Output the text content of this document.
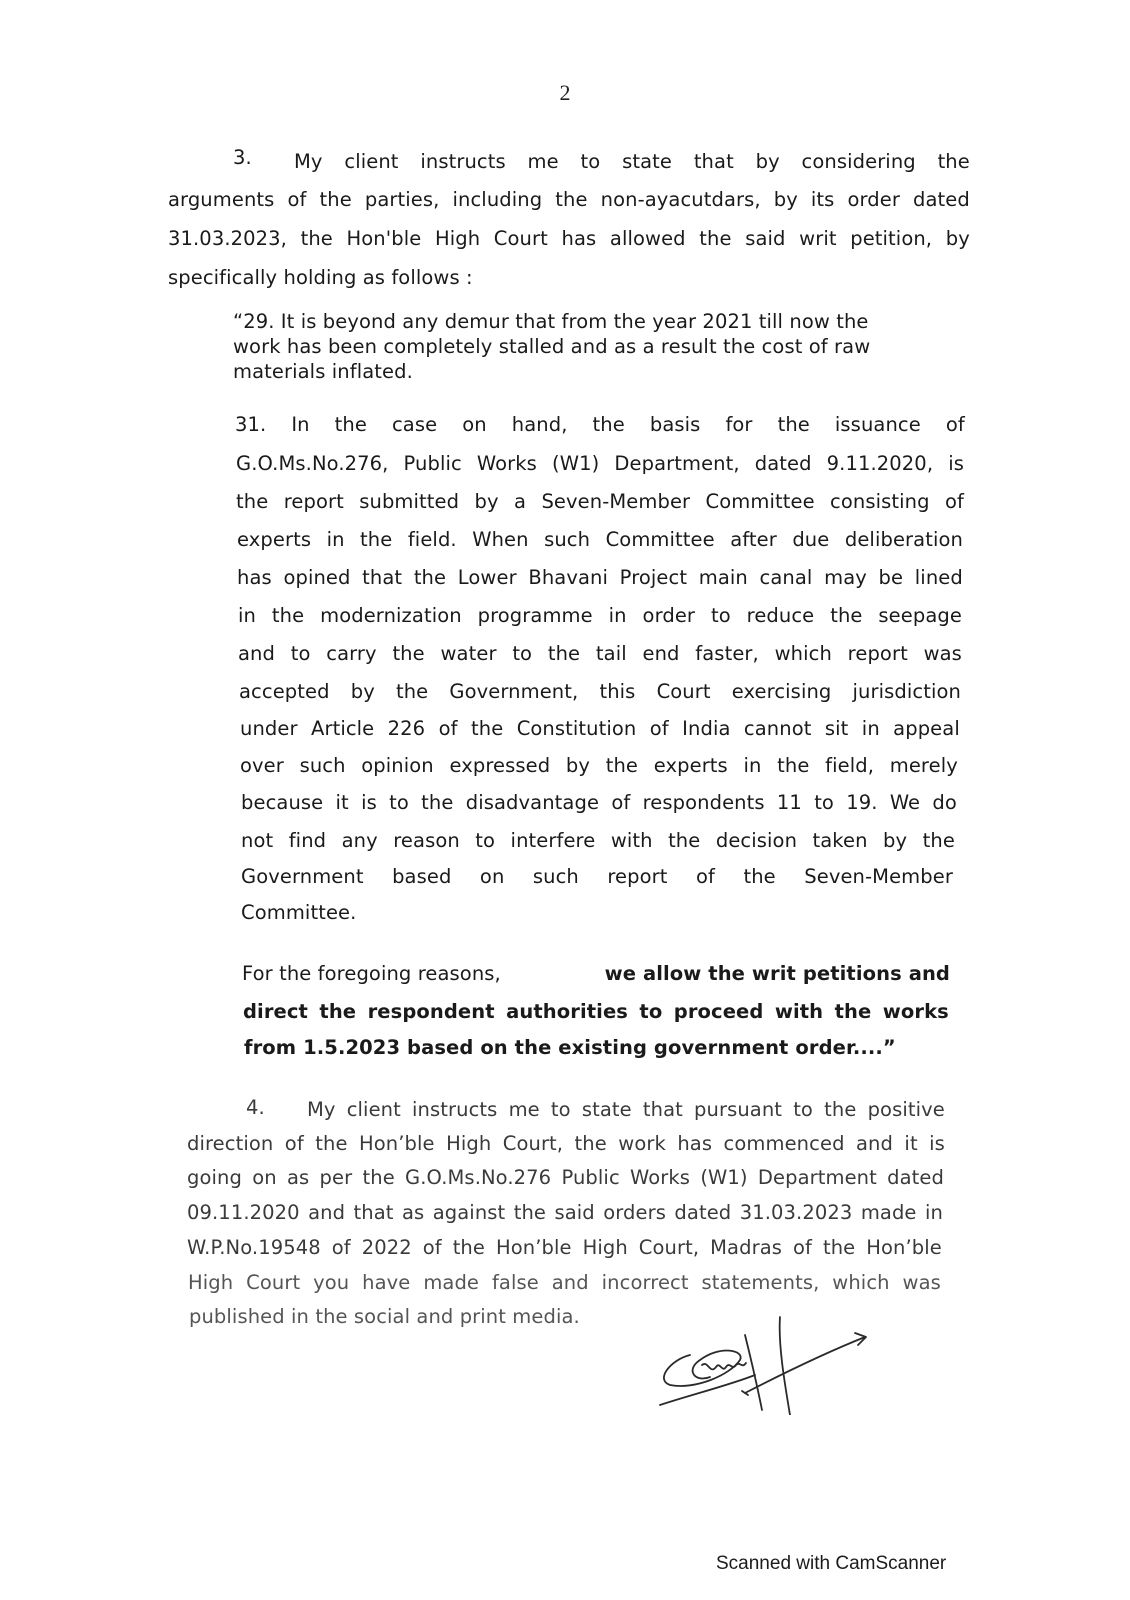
2
3. My client instructs me to state that by considering the
arguments of the parties, including the non-ayacutdars, by its order dated
31.03.2023, the Hon'ble High Court has allowed the said writ petition, by
specifically holding as follows :
“29. It is beyond any demur that from the year 2021 till now the
work has been completely stalled and as a result the cost of raw
materials inflated.
31. In the case on hand, the basis for the issuance of
G.O.Ms.No.276, Public Works (W1) Department, dated 9.11.2020, is
the report submitted by a Seven-Member Committee consisting of
experts in the field. When such Committee after due deliberation
has opined that the Lower Bhavani Project main canal may be lined
in the modernization programme in order to reduce the seepage
and to carry the water to the tail end faster, which report was
accepted by the Government, this Court exercising jurisdiction
under Article 226 of the Constitution of India cannot sit in appeal
over such opinion expressed by the experts in the field, merely
because it is to the disadvantage of respondents 11 to 19. We do
not find any reason to interfere with the decision taken by the
Government based on such report of the Seven-Member
Committee.
For the foregoing reasons,	we allow the writ petitions and
direct the respondent authorities to proceed with the works
from 1.5.2023 based on the existing government order....”
4. My client instructs me to state that pursuant to the positive
direction of the Hon’ble High Court, the work has commenced and it is
going on as per the G.O.Ms.No.276 Public Works (W1) Department dated
09.11.2020 and that as against the said orders dated 31.03.2023 made in
W.P.No.19548 of 2022 of the Hon’ble High Court, Madras of the Hon’ble
High Court you have made false and incorrect statements, which was
published in the social and print media.
Scanned with CamScanner
